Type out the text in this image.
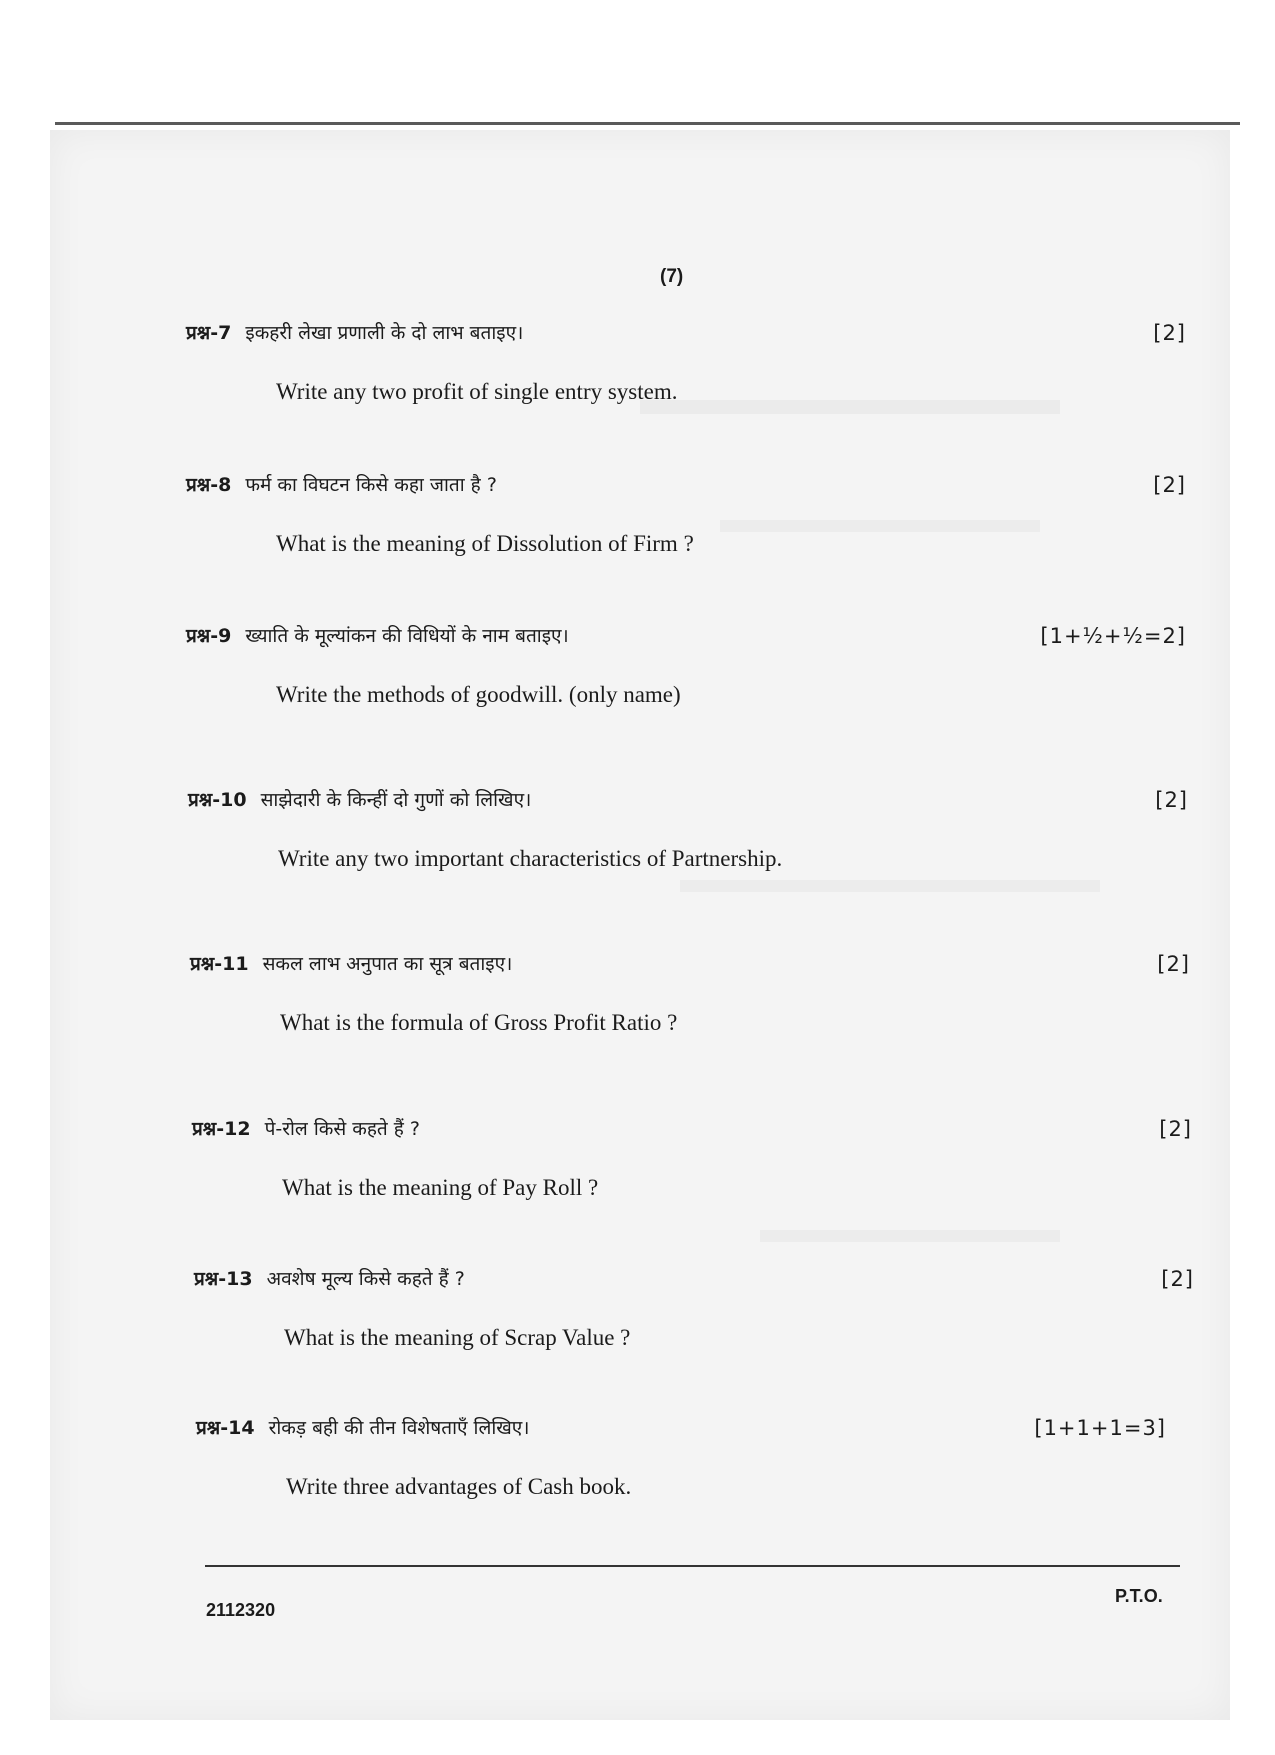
(7)
प्रश्न-7 इकहरी लेखा प्रणाली के दो लाभ बताइए।	[2]
Write any two profit of single entry system.
प्रश्न-8 फर्म का विघटन किसे कहा जाता है ?	[2]
What is the meaning of Dissolution of Firm ?
प्रश्न-9 ख्याति के मूल्यांकन की विधियों के नाम बताइए।	[1+½+½=2]
Write the methods of goodwill. (only name)
प्रश्न-10 साझेदारी के किन्हीं दो गुणों को लिखिए।	[2]
Write any two important characteristics of Partnership.
प्रश्न-11 सकल लाभ अनुपात का सूत्र बताइए।	[2]
What is the formula of Gross Profit Ratio ?
प्रश्न-12 पे-रोल किसे कहते हैं ?	[2]
What is the meaning of Pay Roll ?
प्रश्न-13 अवशेष मूल्य किसे कहते हैं ?	[2]
What is the meaning of Scrap Value ?
प्रश्न-14 रोकड़ बही की तीन विशेषताएँ लिखिए।	[1+1+1=3]
Write three advantages of Cash book.
2112320
P.T.O.
